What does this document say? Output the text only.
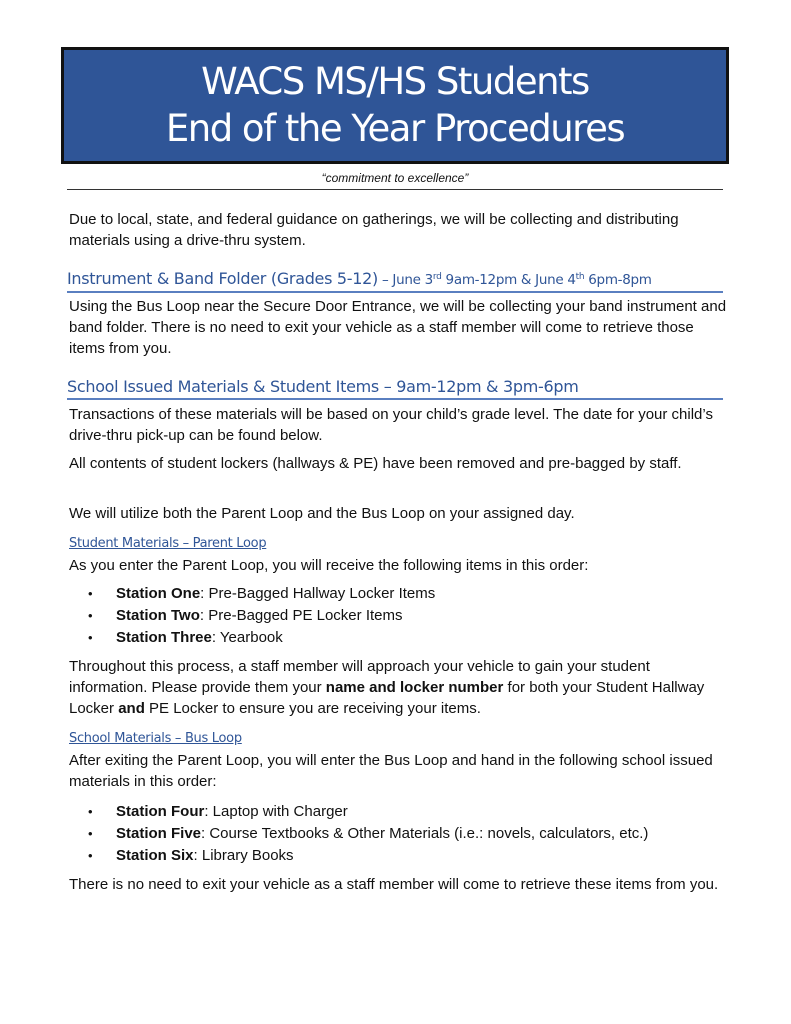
WACS MS/HS Students
End of the Year Procedures
“commitment to excellence”
Due to local, state, and federal guidance on gatherings, we will be collecting and distributing materials using a drive-thru system.
Instrument & Band Folder (Grades 5-12) – June 3rd 9am-12pm & June 4th 6pm-8pm
Using the Bus Loop near the Secure Door Entrance, we will be collecting your band instrument and band folder. There is no need to exit your vehicle as a staff member will come to retrieve those items from you.
School Issued Materials & Student Items – 9am-12pm & 3pm-6pm
Transactions of these materials will be based on your child’s grade level. The date for your child’s drive-thru pick-up can be found below.
All contents of student lockers (hallways & PE) have been removed and pre-bagged by staff.
We will utilize both the Parent Loop and the Bus Loop on your assigned day.
Student Materials – Parent Loop
As you enter the Parent Loop, you will receive the following items in this order:
• Station One: Pre-Bagged Hallway Locker Items
• Station Two: Pre-Bagged PE Locker Items
• Station Three: Yearbook
Throughout this process, a staff member will approach your vehicle to gain your student information. Please provide them your name and locker number for both your Student Hallway Locker and PE Locker to ensure you are receiving your items.
School Materials – Bus Loop
After exiting the Parent Loop, you will enter the Bus Loop and hand in the following school issued materials in this order:
• Station Four: Laptop with Charger
• Station Five: Course Textbooks & Other Materials (i.e.: novels, calculators, etc.)
• Station Six: Library Books
There is no need to exit your vehicle as a staff member will come to retrieve these items from you.
